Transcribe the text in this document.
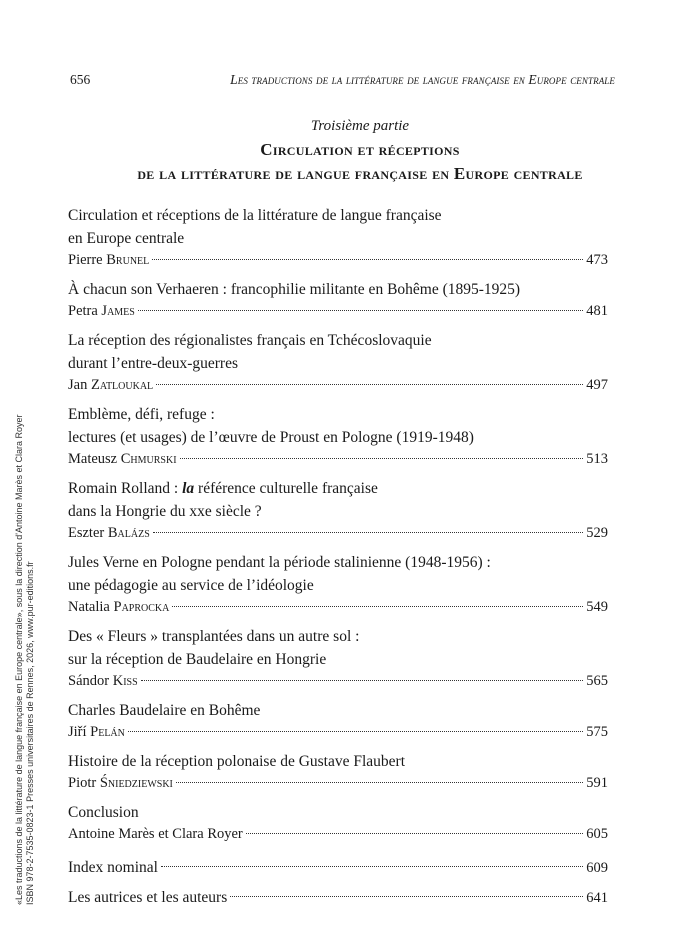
656	Les traductions de la littérature de langue française en Europe centrale
Troisième partie
Circulation et réceptions
de la littérature de langue française en Europe centrale
Circulation et réceptions de la littérature de langue française
en Europe centrale
Pierre Brunel	473
À chacun son Verhaeren : francophilie militante en Bohême (1895-1925)
Petra James	481
La réception des régionalistes français en Tchécoslovaquie
durant l’entre-deux-guerres
Jan Zatloukal	497
Emblème, défi, refuge :
lectures (et usages) de l’œuvre de Proust en Pologne (1919-1948)
Mateusz Chmurski	513
Romain Rolland : la référence culturelle française
dans la Hongrie du xxe siècle ?
Eszter Balázs	529
Jules Verne en Pologne pendant la période stalinienne (1948-1956) :
une pédagogie au service de l’idéologie
Natalia Paprocka	549
Des « Fleurs » transplantées dans un autre sol :
sur la réception de Baudelaire en Hongrie
Sándor Kiss	565
Charles Baudelaire en Bohême
Jiří Pelán	575
Histoire de la réception polonaise de Gustave Flaubert
Piotr Śniedziewski	591
Conclusion
Antoine Marès et Clara Royer	605
Index nominal	609
Les autrices et les auteurs	641
«Les traductions de la littérature de langue française en Europe centrale», sous la direction d'Antoine Marès et Clara Royer ISBN 978-2-7535-0823-1 Presses universitaires de Rennes, 2026, www.pur-editions.fr
